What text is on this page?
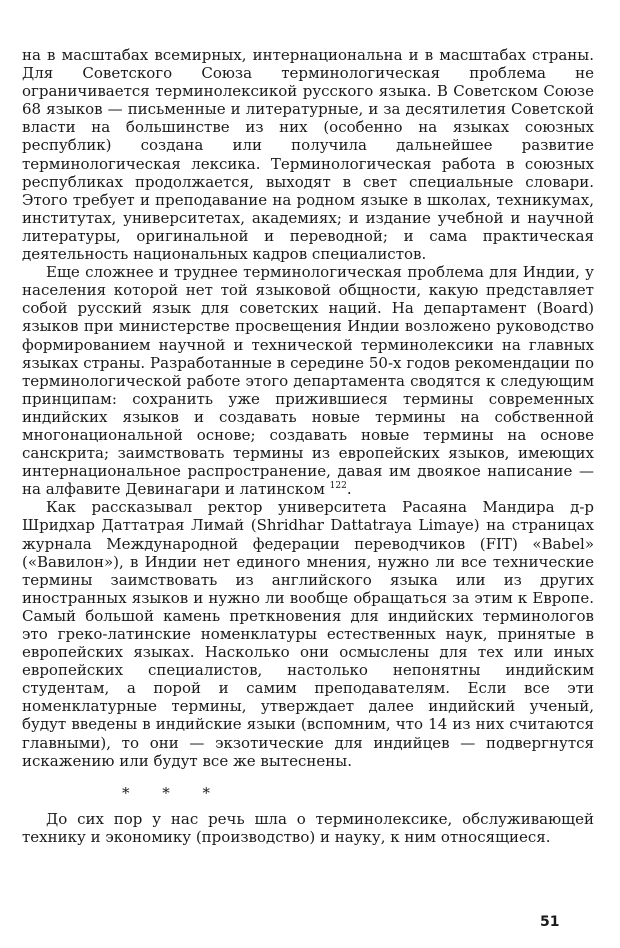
на в масштабах всемирных, интернациональна и в масштабах страны. Для Советского Союза терминологическая проблема не ограничивается терминолексикой русского языка. В Советском Союзе 68 языков — письменные и литературные, и за десятилетия Советской власти на большинстве из них (особенно на языках союзных республик) создана или получила дальнейшее развитие терминологическая лексика. Терминологическая работа в союзных республиках продолжается, выходят в свет специальные словари. Этого требует и преподавание на родном языке в школах, техникумах, институтах, университетах, академиях; и издание учебной и научной литературы, оригинальной и переводной; и сама практическая деятельность национальных кадров специалистов.

Еще сложнее и труднее терминологическая проблема для Индии, у населения которой нет той языковой общности, какую представляет собой русский язык для советских наций. На департамент (Board) языков при министерстве просвещения Индии возложено руководство формированием научной и технической терминолексики на главных языках страны. Разработанные в середине 50-х годов рекомендации по терминологической работе этого департамента сводятся к следующим принципам: сохранить уже прижившиеся термины современных индийских языков и создавать новые термины на собственной многонациональной основе; создавать новые термины на основе санскрита; заимствовать термины из европейских языков, имеющих интернациональное распространение, давая им двоякое написание — на алфавите Девинагари и латинском $^{122}$.

Как рассказывал ректор университета Расаяна Мандира д-р Шридхар Даттатрая Лимай (Shridhar Dattatraya Limaye) на страницах журнала Международной федерации переводчиков (FIT) «Babel» («Вавилон»), в Индии нет единого мнения, нужно ли все технические термины заимствовать из английского языка или из других иностранных языков и нужно ли вообще обращаться за этим к Европе. Самый большой камень преткновения для индийских терминологов это греко-латинские номенклатуры естественных наук, принятые в европейских языках. Насколько они осмыслены для тех или иных европейских специалистов, настолько непонятны индийским студентам, а порой и самим преподавателям. Если все эти номенклатурные термины, утверждает далее индийский ученый, будут введены в индийские языки (вспомним, что 14 из них считаются главными), то они — экзотические для индийцев — подвергнутся искажению или будут все же вытеснены.

* * *

До сих пор у нас речь шла о терминолексике, обслуживающей технику и экономику (производство) и науку, к ним относящиеся.

51
